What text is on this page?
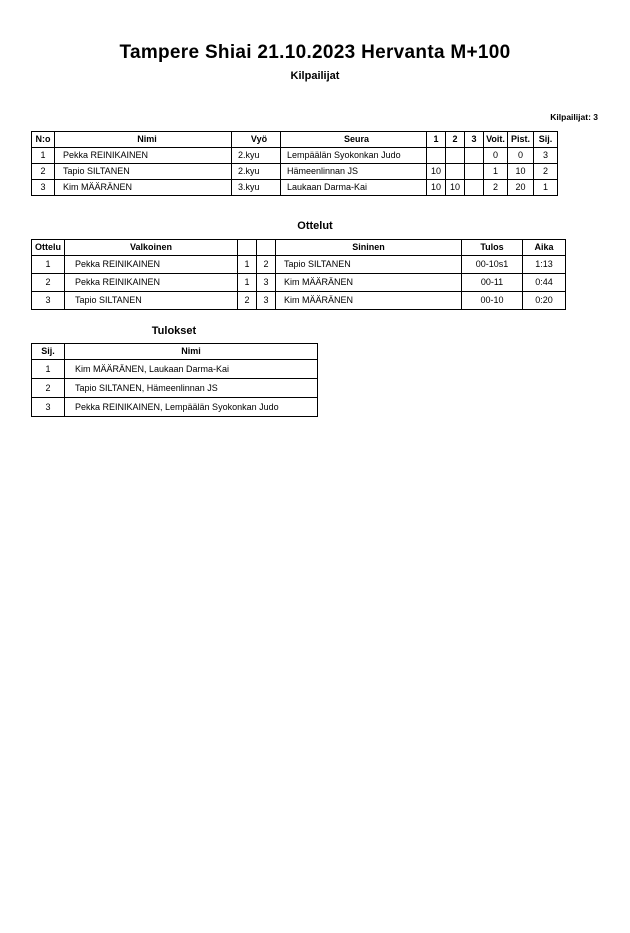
Tampere Shiai 21.10.2023 Hervanta M+100
Kilpailijat
Kilpailijat: 3
N:o	Nimi	Vyö	Seura	1	2	3	Voit.	Pist.	Sij.
1	Pekka REINIKAINEN	2.kyu	Lempäälän Syokonkan Judo				0	0	3
2	Tapio SILTANEN	2.kyu	Hämeenlinnan JS	10			1	10	2
3	Kim MÄÄRÄNEN	3.kyu	Laukaan Darma-Kai	10	10		2	20	1
Ottelut
Ottelu	Valkoinen			Sininen	Tulos	Aika
1	Pekka REINIKAINEN	1	2	Tapio SILTANEN	00-10s1	1:13
2	Pekka REINIKAINEN	1	3	Kim MÄÄRÄNEN	00-11	0:44
3	Tapio SILTANEN	2	3	Kim MÄÄRÄNEN	00-10	0:20
Tulokset
Sij.	Nimi
1	Kim MÄÄRÄNEN, Laukaan Darma-Kai
2	Tapio SILTANEN, Hämeenlinnan JS
3	Pekka REINIKAINEN, Lempäälän Syokonkan Judo
